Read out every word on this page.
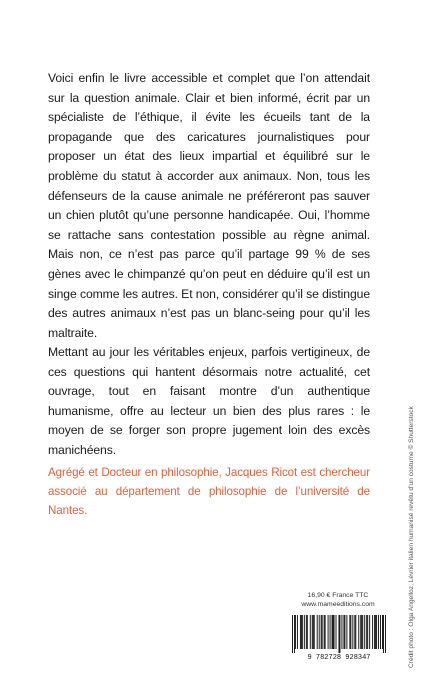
Voici enfin le livre accessible et complet que l’on attendait sur la question animale. Clair et bien informé, écrit par un spécialiste de l’éthique, il évite les écueils tant de la propagande que des caricatures journalistiques pour proposer un état des lieux impartial et équilibré sur le problème du statut à accorder aux animaux. Non, tous les défenseurs de la cause animale ne préféreront pas sauver un chien plutôt qu’une personne handicapée. Oui, l’homme se rattache sans contestation possible au règne animal. Mais non, ce n’est pas parce qu’il partage 99 % de ses gènes avec le chimpanzé qu’on peut en déduire qu’il est un singe comme les autres. Et non, considérer qu’il se distingue des autres animaux n’est pas un blanc-seing pour qu’il les maltraite.

Mettant au jour les véritables enjeux, parfois vertigineux, de ces questions qui hantent désormais notre actualité, cet ouvrage, tout en faisant montre d’un authentique humanisme, offre au lecteur un bien des plus rares : le moyen de se forger son propre jugement loin des excès manichéens.

Agrégé et Docteur en philosophie, Jacques Ricot est chercheur associé au département de philosophie de l’université de Nantes.

16,90 € France TTC
www.mameeditions.com
9 782728 928347	Crédit photo : Olga Angelloz, Lévrier italien humanisé revêtu d’un costume © Shutterstock
